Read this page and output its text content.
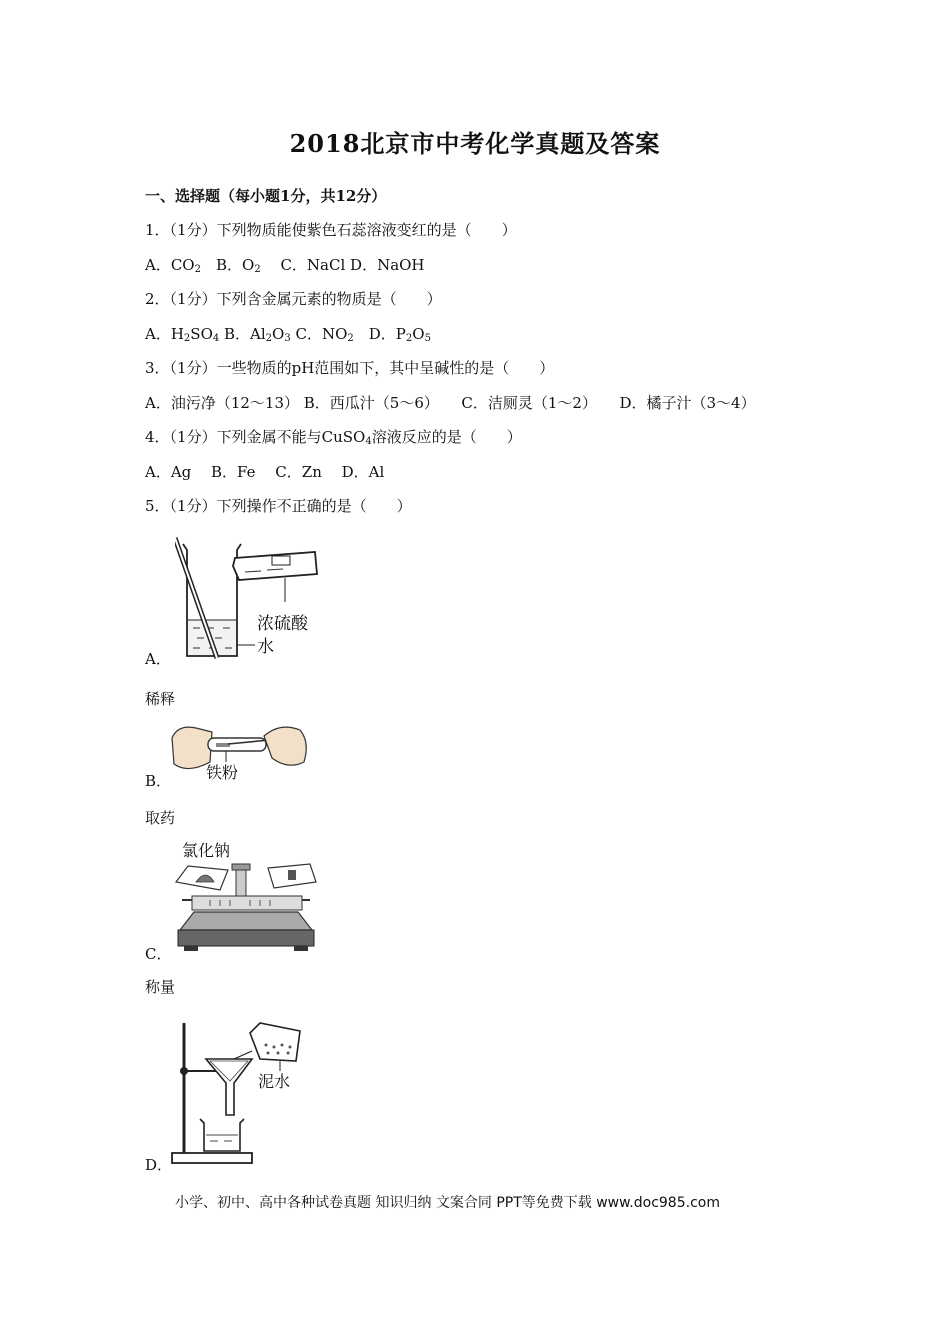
2018北京市中考化学真题及答案
一、选择题（每小题1分，共12分）
1．（1分）下列物质能使紫色石蕊溶液变红的是（　　）
A．$CO_2$　B．$O_2$　 C．NaCl D．NaOH
2．（1分）下列含金属元素的物质是（　　）
A．$H_2SO_4$ B．$Al_2O_3$ C．$NO_2$　D．$P_2O_5$
3．（1分）一些物质的pH范围如下，其中呈碱性的是（　　）
A．油污净（12～13） B．西瓜汁（5～6）　　C．洁厕灵（1～2）　　D．橘子汁（3～4）
4．（1分）下列金属不能与CuSO$_4$溶液反应的是（　　）
A．Ag　 B．Fe　 C．Zn　 D．Al
5．（1分）下列操作不正确的是（　　）
浓硫酸
水
A．
稀释
铁粉
B．
取药
氯化钠
C．
称量
泥水
D．
小学、初中、高中各种试卷真题 知识归纳 文案合同 PPT等免费下载 www.doc985.com
